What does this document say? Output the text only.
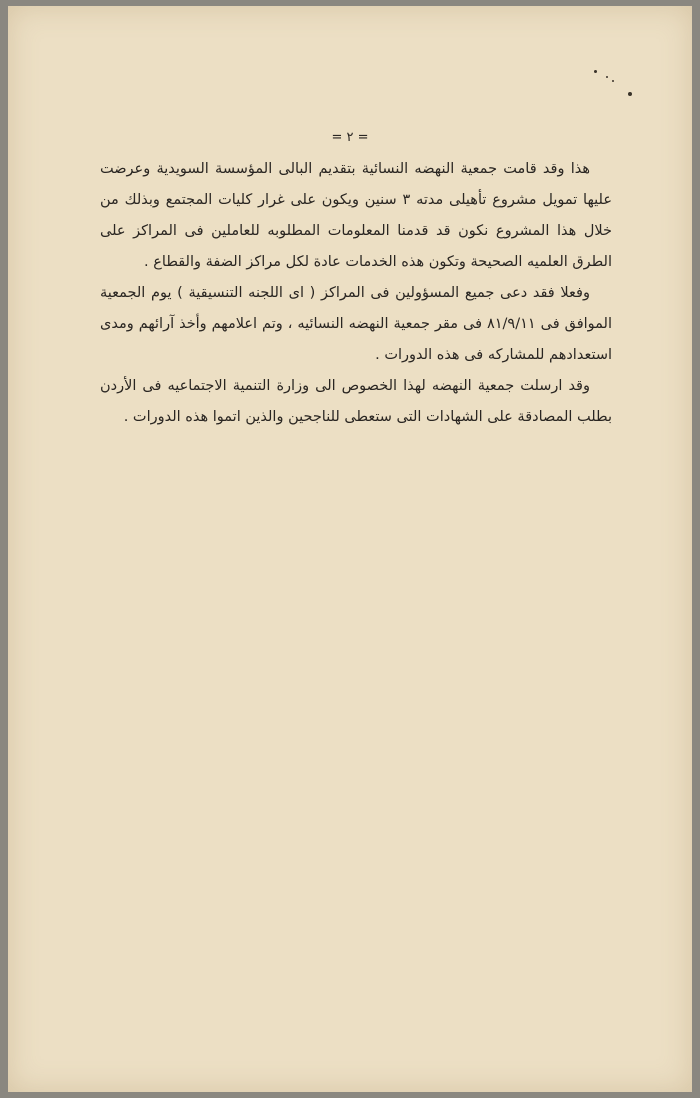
= ٢ =

هذا وقد قامت جمعية النهضه النسائية بتقديم البالى المؤسسة السويدية وعرضت عليها تمويل مشروع تأهيلى مدته ٣ سنين ويكون على غرار كليات المجتمع وبذلك من خلال هذا المشروع نكون قد قدمنا المعلومات المطلوبه للعاملين فى المراكز على الطرق العلميه الصحيحة وتكون هذه الخدمات عادة لكل مراكز الضفة والقطاع .

وفعلا فقد دعى جميع المسؤولين فى المراكز ( اى اللجنه التنسيقية ) يوم الجمعية الموافق فى ٨١/٩/١١ فى مقر جمعية النهضه النسائيه ، وتم اعلامهم وأخذ آرائهم ومدى استعدادهم للمشاركه فى هذه الدورات .

وقد ارسلت جمعية النهضه لهذا الخصوص الى وزارة التنمية الاجتماعيه فى الأردن بطلب المصادقة على الشهادات التى ستعطى للناجحين والذين اتموا هذه الدورات .
